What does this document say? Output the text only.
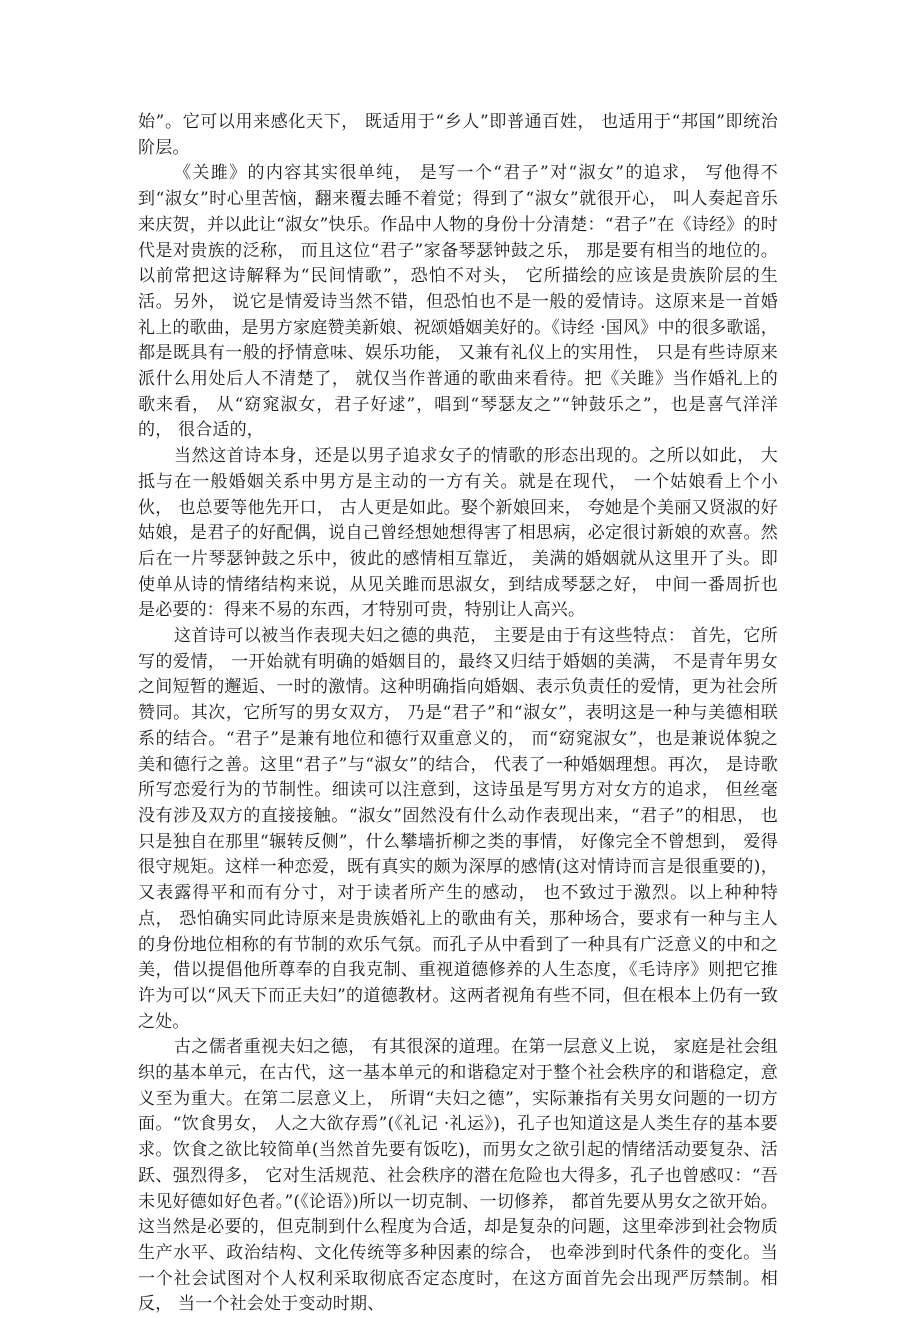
始”。它可以用来感化天下， 既适用于“乡人”即普通百姓， 也适用于“邦国”即统治阶层。

《关雎》的内容其实很单纯， 是写一个“君子”对“淑女”的追求， 写他得不到“淑女”时心里苦恼，翻来覆去睡不着觉；得到了“淑女”就很开心， 叫人奏起音乐来庆贺，并以此让“淑女”快乐。作品中人物的身份十分清楚：“君子”在《诗经》的时代是对贵族的泛称， 而且这位“君子”家备琴瑟钟鼓之乐， 那是要有相当的地位的。以前常把这诗解释为“民间情歌”，恐怕不对头， 它所描绘的应该是贵族阶层的生活。另外， 说它是情爱诗当然不错，但恐怕也不是一般的爱情诗。这原来是一首婚礼上的歌曲，是男方家庭赞美新娘、祝颂婚姻美好的。《诗经 ·国风》中的很多歌谣， 都是既具有一般的抒情意味、娱乐功能， 又兼有礼仪上的实用性， 只是有些诗原来派什么用处后人不清楚了， 就仅当作普通的歌曲来看待。把《关雎》当作婚礼上的歌来看， 从“窈窕淑女，君子好逑”，唱到“琴瑟友之”“钟鼓乐之”，也是喜气洋洋的， 很合适的，

当然这首诗本身，还是以男子追求女子的情歌的形态出现的。之所以如此， 大抵与在一般婚姻关系中男方是主动的一方有关。就是在现代， 一个姑娘看上个小伙， 也总要等他先开口， 古人更是如此。娶个新娘回来， 夸她是个美丽又贤淑的好姑娘，是君子的好配偶，说自己曾经想她想得害了相思病，必定很讨新娘的欢喜。然后在一片琴瑟钟鼓之乐中，彼此的感情相互靠近， 美满的婚姻就从这里开了头。即使单从诗的情绪结构来说，从见关雎而思淑女，到结成琴瑟之好， 中间一番周折也是必要的：得来不易的东西，才特别可贵，特别让人高兴。

这首诗可以被当作表现夫妇之德的典范， 主要是由于有这些特点： 首先，它所写的爱情， 一开始就有明确的婚姻目的，最终又归结于婚姻的美满， 不是青年男女之间短暂的邂逅、一时的激情。这种明确指向婚姻、表示负责任的爱情，更为社会所赞同。其次，它所写的男女双方， 乃是“君子”和“淑女”，表明这是一种与美德相联系的结合。“君子”是兼有地位和德行双重意义的， 而“窈窕淑女”，也是兼说体貌之美和德行之善。这里“君子”与“淑女”的结合， 代表了一种婚姻理想。再次， 是诗歌所写恋爱行为的节制性。细读可以注意到，这诗虽是写男方对女方的追求， 但丝毫没有涉及双方的直接接触。“淑女”固然没有什么动作表现出来，“君子”的相思， 也只是独自在那里“辗转反侧”，什么攀墙折柳之类的事情， 好像完全不曾想到， 爱得很守规矩。这样一种恋爱，既有真实的颇为深厚的感情(这对情诗而言是很重要的)，又表露得平和而有分寸，对于读者所产生的感动， 也不致过于激烈。以上种种特点， 恐怕确实同此诗原来是贵族婚礼上的歌曲有关，那种场合，要求有一种与主人的身份地位相称的有节制的欢乐气氛。而孔子从中看到了一种具有广泛意义的中和之美，借以提倡他所尊奉的自我克制、重视道德修养的人生态度，《毛诗序》则把它推许为可以“风天下而正夫妇”的道德教材。这两者视角有些不同，但在根本上仍有一致之处。

古之儒者重视夫妇之德， 有其很深的道理。在第一层意义上说， 家庭是社会组织的基本单元，在古代，这一基本单元的和谐稳定对于整个社会秩序的和谐稳定，意义至为重大。在第二层意义上， 所谓“夫妇之德”，实际兼指有关男女问题的一切方面。“饮食男女， 人之大欲存焉”(《礼记 ·礼运》)，孔子也知道这是人类生存的基本要求。饮食之欲比较简单(当然首先要有饭吃)，而男女之欲引起的情绪活动要复杂、活跃、强烈得多， 它对生活规范、社会秩序的潜在危险也大得多，孔子也曾感叹：“吾未见好德如好色者。”(《论语》)所以一切克制、一切修养， 都首先要从男女之欲开始。这当然是必要的，但克制到什么程度为合适，却是复杂的问题，这里牵涉到社会物质生产水平、政治结构、文化传统等多种因素的综合， 也牵涉到时代条件的变化。当一个社会试图对个人权利采取彻底否定态度时，在这方面首先会出现严厉禁制。相反， 当一个社会处于变动时期、
